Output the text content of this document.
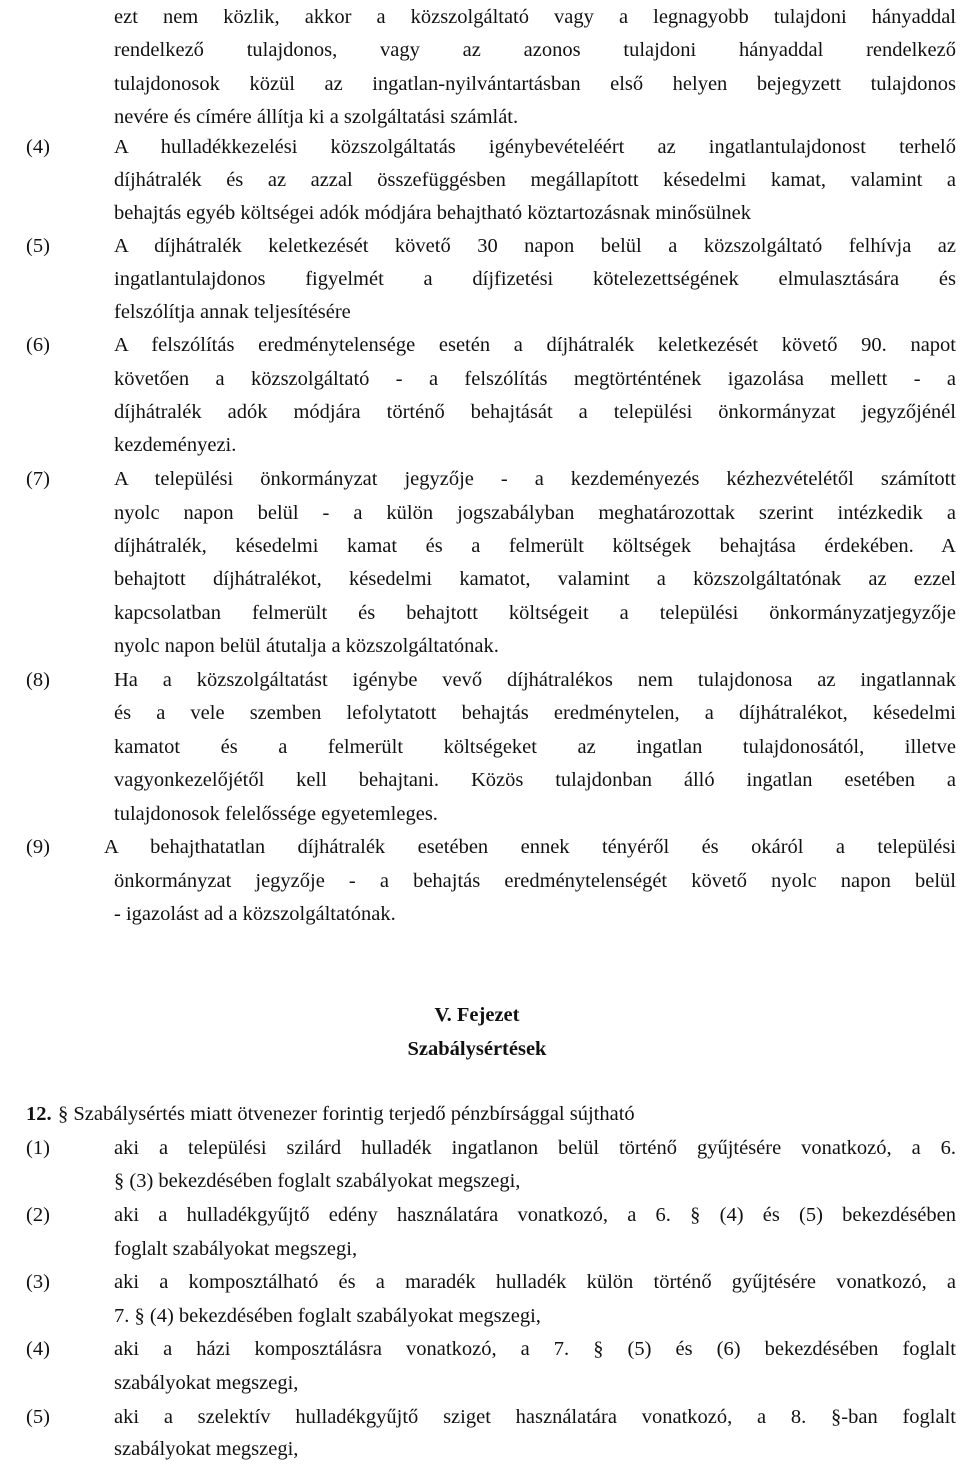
ezt nem közlik, akkor a közszolgáltató vagy a legnagyobb tulajdoni hányaddal
rendelkező tulajdonos, vagy az azonos tulajdoni hányaddal rendelkező
tulajdonosok közül az ingatlan-nyilvántartásban első helyen bejegyzett tulajdonos
nevére és címére állítja ki a szolgáltatási számlát.
(4)	A hulladékkezelési közszolgáltatás igénybevételéért az ingatlantulajdonost terhelő
díjhátralék és az azzal összefüggésben megállapított késedelmi kamat, valamint a
behajtás egyéb költségei adók módjára behajtható köztartozásnak minősülnek
(5)	A díjhátralék keletkezését követő 30 napon belül a közszolgáltató felhívja az
ingatlantulajdonos figyelmét a díjfizetési kötelezettségének elmulasztására és
felszólítja annak teljesítésére
(6)	A felszólítás eredménytelensége esetén a díjhátralék keletkezését követő 90. napot
követően a közszolgáltató - a felszólítás megtörténtének igazolása mellett - a
díjhátralék adók módjára történő behajtását a települési önkormányzat jegyzőjénél
kezdeményezi.
(7)	A települési önkormányzat jegyzője - a kezdeményezés kézhezvételétől számított
nyolc napon belül - a külön jogszabályban meghatározottak szerint intézkedik a
díjhátralék, késedelmi kamat és a felmerült költségek behajtása érdekében. A
behajtott díjhátralékot, késedelmi kamatot, valamint a közszolgáltatónak az ezzel
kapcsolatban felmerült és behajtott költségeit a települési önkormányzatjegyzője
nyolc napon belül átutalja a közszolgáltatónak.
(8)	Ha a közszolgáltatást igénybe vevő díjhátralékos nem tulajdonosa az ingatlannak
és a vele szemben lefolytatott behajtás eredménytelen, a díjhátralékot, késedelmi
kamatot és a felmerült költségeket az ingatlan tulajdonosától, illetve
vagyonkezelőjétől kell behajtani. Közös tulajdonban álló ingatlan esetében a
tulajdonosok felelőssége egyetemleges.
(9)	A behajthatatlan díjhátralék esetében ennek tényéről és okáról a települési
önkormányzat jegyzője - a behajtás eredménytelenségét követő nyolc napon belül
- igazolást ad a közszolgáltatónak.
V. Fejezet
Szabálysértések
12. § Szabálysértés miatt ötvenezer forintig terjedő pénzbírsággal sújtható
(1)	aki a települési szilárd hulladék ingatlanon belül történő gyűjtésére vonatkozó, a 6.
§ (3) bekezdésében foglalt szabályokat megszegi,
(2)	aki a hulladékgyűjtő edény használatára vonatkozó, a 6. § (4) és (5) bekezdésében
foglalt szabályokat megszegi,
(3)	aki a komposztálható és a maradék hulladék külön történő gyűjtésére vonatkozó, a
7. § (4) bekezdésében foglalt szabályokat megszegi,
(4)	aki a házi komposztálásra vonatkozó, a 7. § (5) és (6) bekezdésében foglalt
szabályokat megszegi,
(5)	aki a szelektív hulladékgyűjtő sziget használatára vonatkozó, a 8. §-ban foglalt
szabályokat megszegi,
